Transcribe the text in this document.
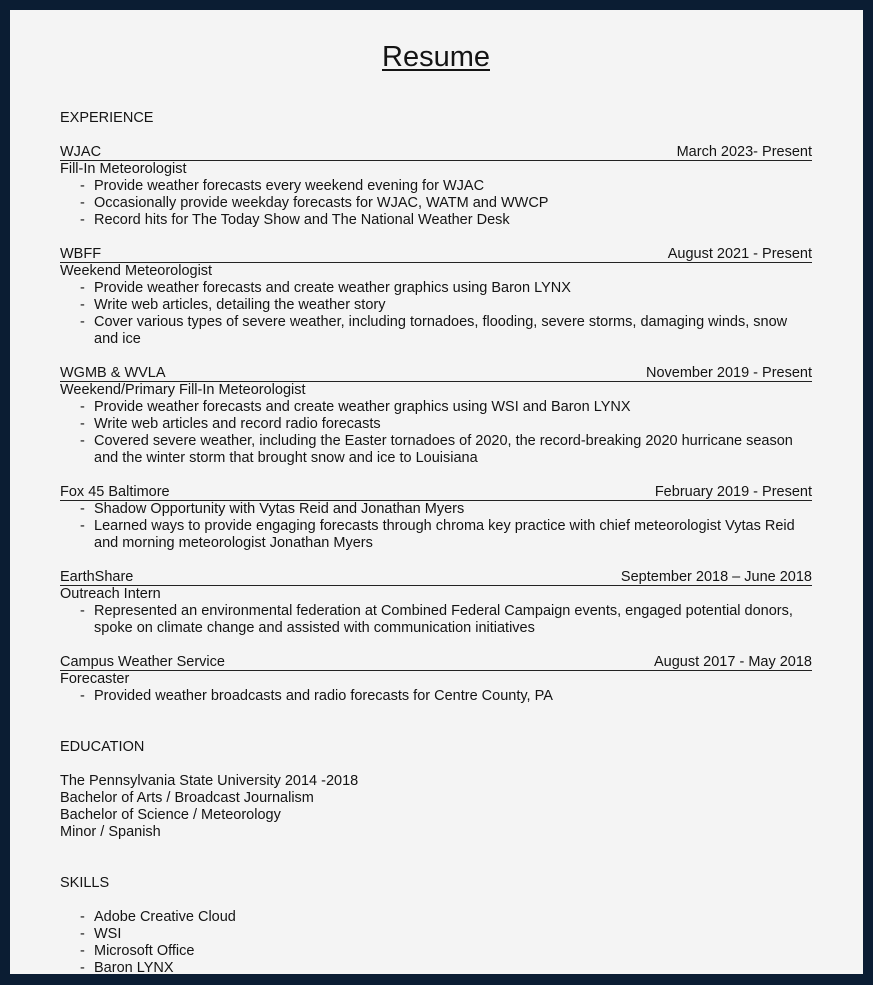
Resume
EXPERIENCE
WJAC	March 2023- Present
Fill-In Meteorologist
- Provide weather forecasts every weekend evening for WJAC
- Occasionally provide weekday forecasts for WJAC, WATM and WWCP
- Record hits for The Today Show and The National Weather Desk
WBFF	August 2021 - Present
Weekend Meteorologist
- Provide weather forecasts and create weather graphics using Baron LYNX
- Write web articles, detailing the weather story
- Cover various types of severe weather, including tornadoes, flooding, severe storms, damaging winds, snow and ice
WGMB & WVLA	November 2019 - Present
Weekend/Primary Fill-In Meteorologist
- Provide weather forecasts and create weather graphics using WSI and Baron LYNX
- Write web articles and record radio forecasts
- Covered severe weather, including the Easter tornadoes of 2020, the record-breaking 2020 hurricane season and the winter storm that brought snow and ice to Louisiana
Fox 45 Baltimore	February 2019 - Present
- Shadow Opportunity with Vytas Reid and Jonathan Myers
- Learned ways to provide engaging forecasts through chroma key practice with chief meteorologist Vytas Reid and morning meteorologist Jonathan Myers
EarthShare	September 2018 – June 2018
Outreach Intern
- Represented an environmental federation at Combined Federal Campaign events, engaged potential donors, spoke on climate change and assisted with communication initiatives
Campus Weather Service	August 2017 - May 2018
Forecaster
- Provided weather broadcasts and radio forecasts for Centre County, PA
EDUCATION
The Pennsylvania State University 2014 -2018
Bachelor of Arts / Broadcast Journalism
Bachelor of Science / Meteorology
Minor / Spanish
SKILLS
- Adobe Creative Cloud
- WSI
- Microsoft Office
- Baron LYNX
